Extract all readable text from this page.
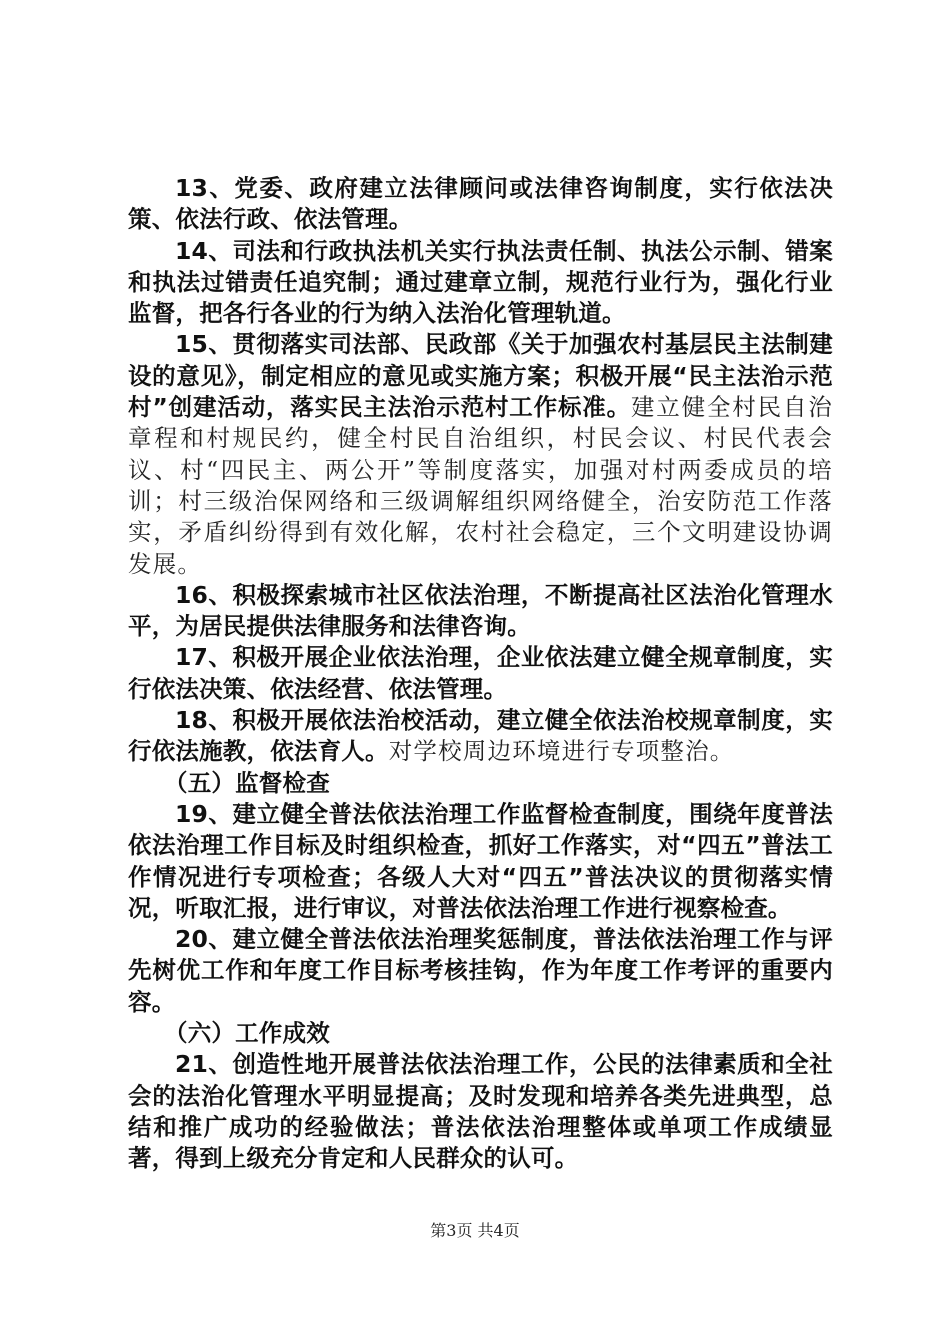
13、党委、政府建立法律顾问或法律咨询制度，实行依法决策、依法行政、依法管理。

14、司法和行政执法机关实行执法责任制、执法公示制、错案和执法过错责任追究制；通过建章立制，规范行业行为，强化行业监督，把各行各业的行为纳入法治化管理轨道。

15、贯彻落实司法部、民政部《关于加强农村基层民主法制建设的意见》，制定相应的意见或实施方案；积极开展“民主法治示范村”创建活动，落实民主法治示范村工作标准。建立健全村民自治章程和村规民约，健全村民自治组织，村民会议、村民代表会议、村“四民主、两公开”等制度落实，加强对村两委成员的培训；村三级治保网络和三级调解组织网络健全，治安防范工作落实，矛盾纠纷得到有效化解，农村社会稳定，三个文明建设协调发展。

16、积极探索城市社区依法治理，不断提高社区法治化管理水平，为居民提供法律服务和法律咨询。

17、积极开展企业依法治理，企业依法建立健全规章制度，实行依法决策、依法经营、依法管理。

18、积极开展依法治校活动，建立健全依法治校规章制度，实行依法施教，依法育人。对学校周边环境进行专项整治。

（五）监督检查

19、建立健全普法依法治理工作监督检查制度，围绕年度普法依法治理工作目标及时组织检查，抓好工作落实，对“四五”普法工作情况进行专项检查；各级人大对“四五”普法决议的贯彻落实情况，听取汇报，进行审议，对普法依法治理工作进行视察检查。

20、建立健全普法依法治理奖惩制度，普法依法治理工作与评先树优工作和年度工作目标考核挂钩，作为年度工作考评的重要内容。

（六）工作成效

21、创造性地开展普法依法治理工作，公民的法律素质和全社会的法治化管理水平明显提高；及时发现和培养各类先进典型，总结和推广成功的经验做法；普法依法治理整体或单项工作成绩显著，得到上级充分肯定和人民群众的认可。

第3页 共4页
